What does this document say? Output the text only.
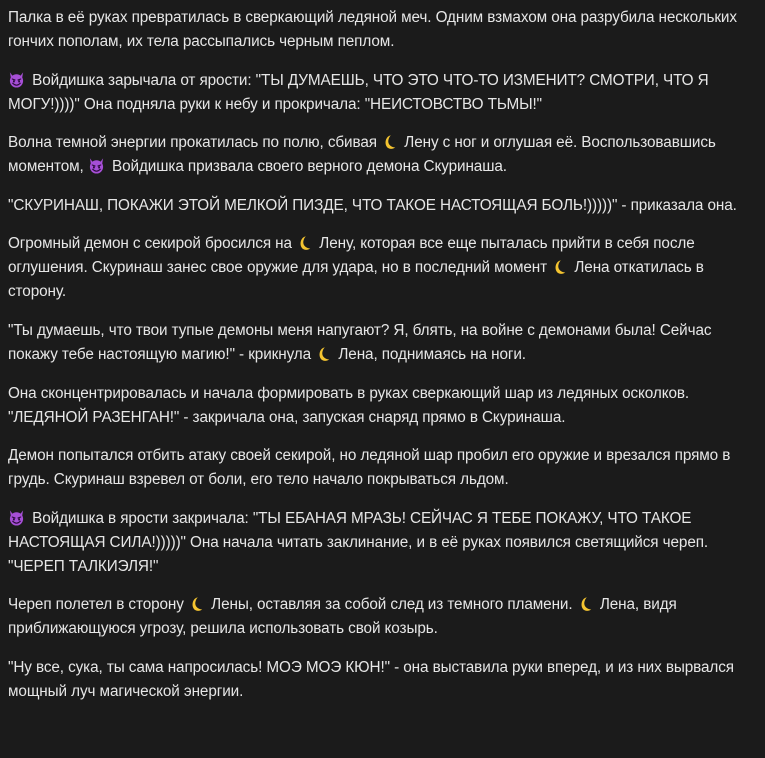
Палка в её руках превратилась в сверкающий ледяной меч. Одним взмахом она разрубила нескольких гончих пополам, их тела рассыпались черным пеплом.

Войдишка зарычала от ярости: "ТЫ ДУМАЕШЬ, ЧТО ЭТО ЧТО-ТО ИЗМЕНИТ? СМОТРИ, ЧТО Я МОГУ!))))" Она подняла руки к небу и прокричала: "НЕИСТОВСТВО ТЬМЫ!"

Волна темной энергии прокатилась по полю, сбивая
Лену с ног и оглушая её. Воспользовавшись моментом,
Войдишка призвала своего верного демона Скуринаша.

"СКУРИНАШ, ПОКАЖИ ЭТОЙ МЕЛКОЙ ПИЗДЕ, ЧТО ТАКОЕ НАСТОЯЩАЯ БОЛЬ!)))))" - приказала она.

Огромный демон с секирой бросился на
Лену, которая все еще пыталась прийти в себя после оглушения. Скуринаш занес свое оружие для удара, но в последний момент
Лена откатилась в сторону.

"Ты думаешь, что твои тупые демоны меня напугают? Я, блять, на войне с демонами была! Сейчас покажу тебе настоящую магию!" - крикнула
Лена, поднимаясь на ноги.

Она сконцентрировалась и начала формировать в руках сверкающий шар из ледяных осколков. "ЛЕДЯНОЙ РАЗЕНГАН!" - закричала она, запуская снаряд прямо в Скуринаша.

Демон попытался отбить атаку своей секирой, но ледяной шар пробил его оружие и врезался прямо в грудь. Скуринаш взревел от боли, его тело начало покрываться льдом.

Войдишка в ярости закричала: "ТЫ ЕБАНАЯ МРАЗЬ! СЕЙЧАС Я ТЕБЕ ПОКАЖУ, ЧТО ТАКОЕ НАСТОЯЩАЯ СИЛА!)))))" Она начала читать заклинание, и в её руках появился светящийся череп. "ЧЕРЕП ТАЛКИЭЛЯ!"

Череп полетел в сторону
Лены, оставляя за собой след из темного пламени.
Лена, видя приближающуюся угрозу, решила использовать свой козырь.

"Ну все, сука, ты сама напросилась! МОЭ МОЭ КЮН!" - она выставила руки вперед, и из них вырвался мощный луч магической энергии.
